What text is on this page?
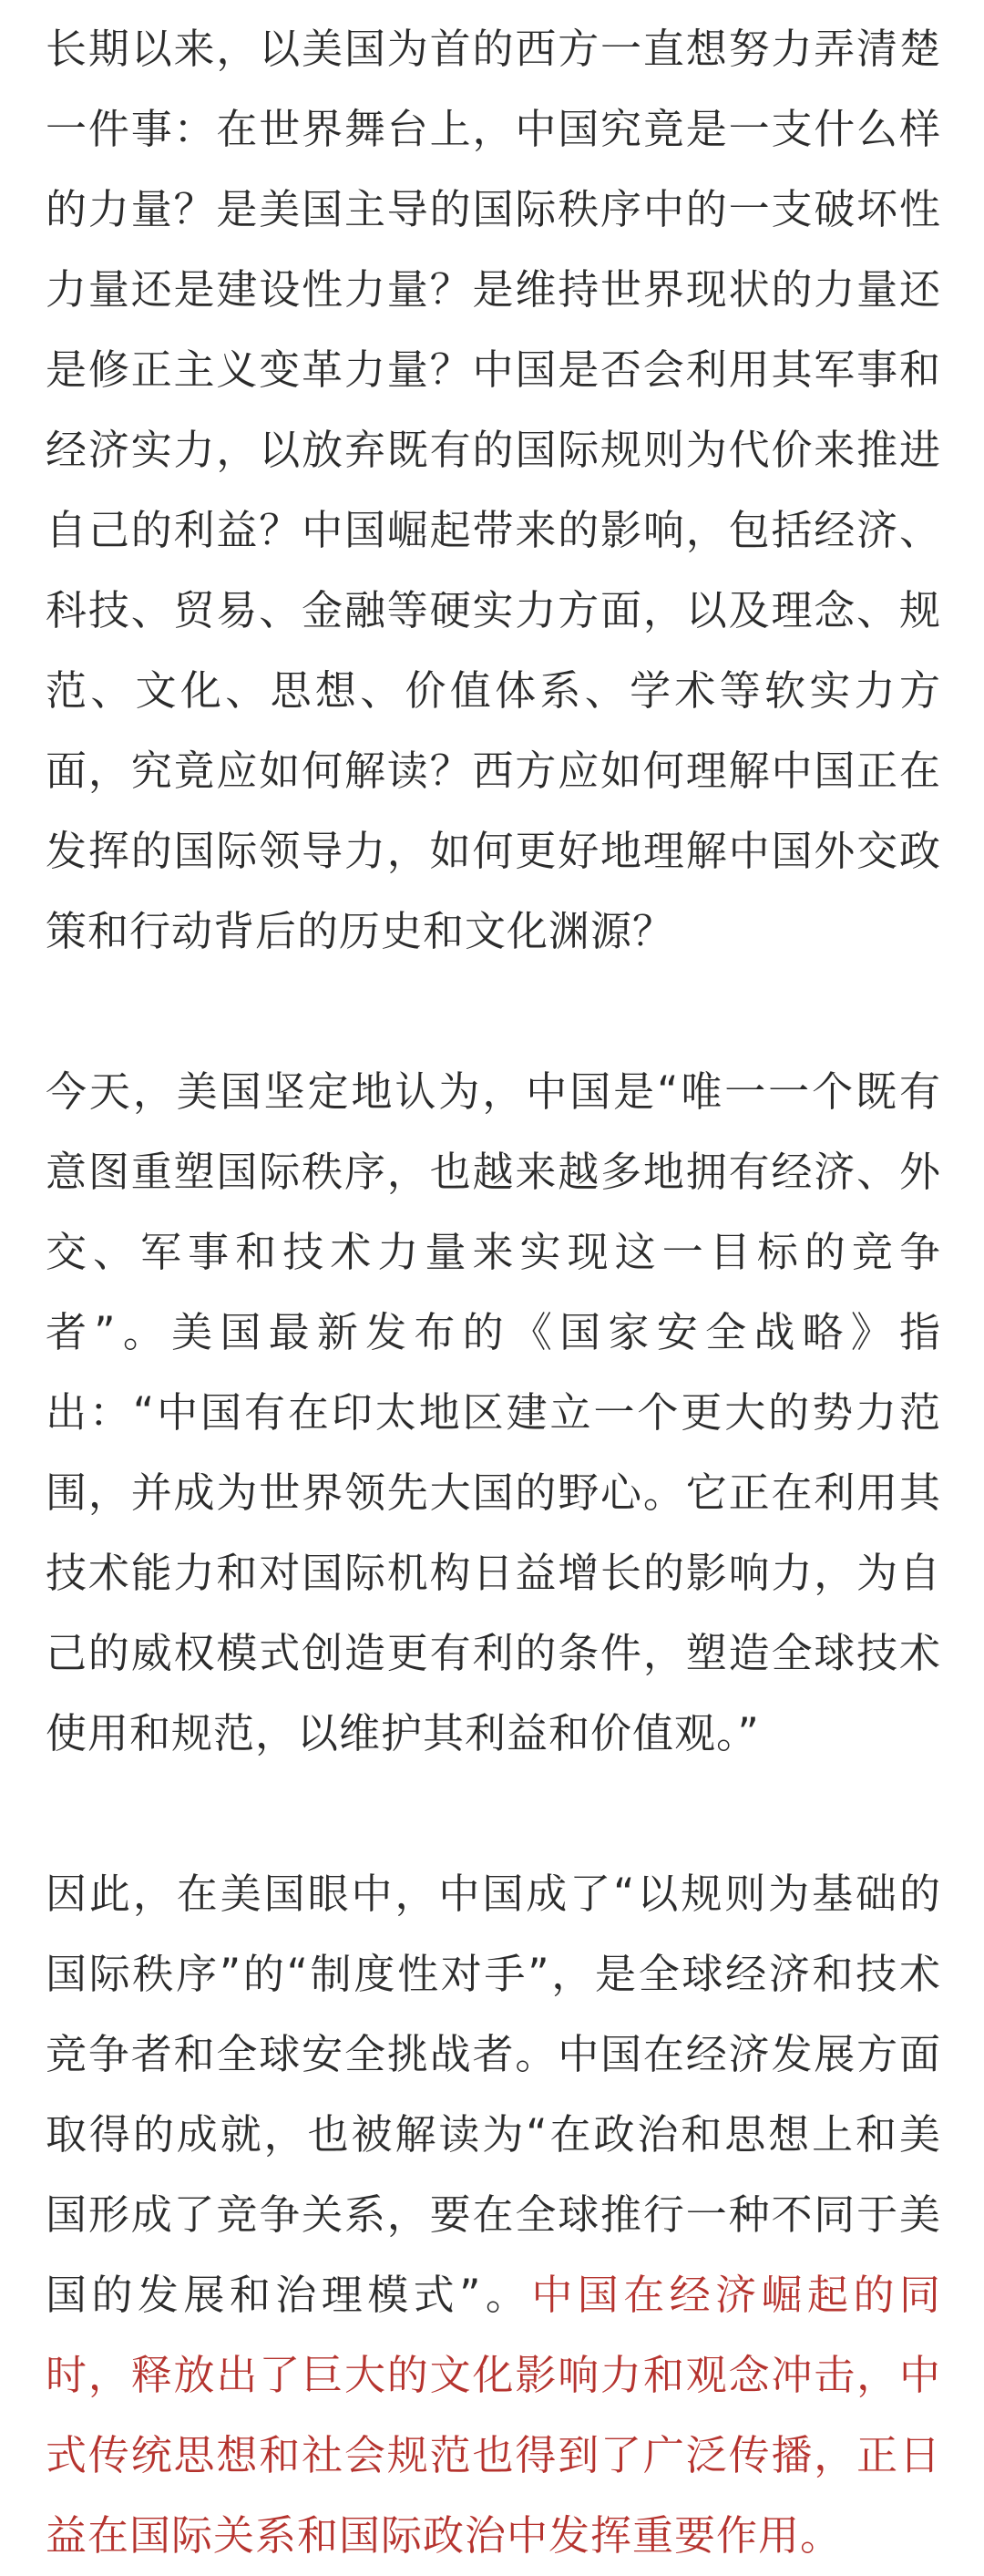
长期以来，以美国为首的西方一直想努力弄清楚一件事：在世界舞台上，中国究竟是一支什么样的力量？是美国主导的国际秩序中的一支破坏性力量还是建设性力量？是维持世界现状的力量还是修正主义变革力量？中国是否会利用其军事和经济实力，以放弃既有的国际规则为代价来推进自己的利益？中国崛起带来的影响，包括经济、科技、贸易、金融等硬实力方面，以及理念、规范、文化、思想、价值体系、学术等软实力方面，究竟应如何解读？西方应如何理解中国正在发挥的国际领导力，如何更好地理解中国外交政策和行动背后的历史和文化渊源？

今天，美国坚定地认为，中国是“唯一一个既有意图重塑国际秩序，也越来越多地拥有经济、外交、军事和技术力量来实现这一目标的竞争者”。美国最新发布的《国家安全战略》指出：“中国有在印太地区建立一个更大的势力范围，并成为世界领先大国的野心。它正在利用其技术能力和对国际机构日益增长的影响力，为自己的威权模式创造更有利的条件，塑造全球技术使用和规范，以维护其利益和价值观。”

因此，在美国眼中，中国成了“以规则为基础的国际秩序”的“制度性对手”，是全球经济和技术竞争者和全球安全挑战者。中国在经济发展方面取得的成就，也被解读为“在政治和思想上和美国形成了竞争关系，要在全球推行一种不同于美国的发展和治理模式”。中国在经济崛起的同时，释放出了巨大的文化影响力和观念冲击，中式传统思想和社会规范也得到了广泛传播，正日益在国际关系和国际政治中发挥重要作用。
